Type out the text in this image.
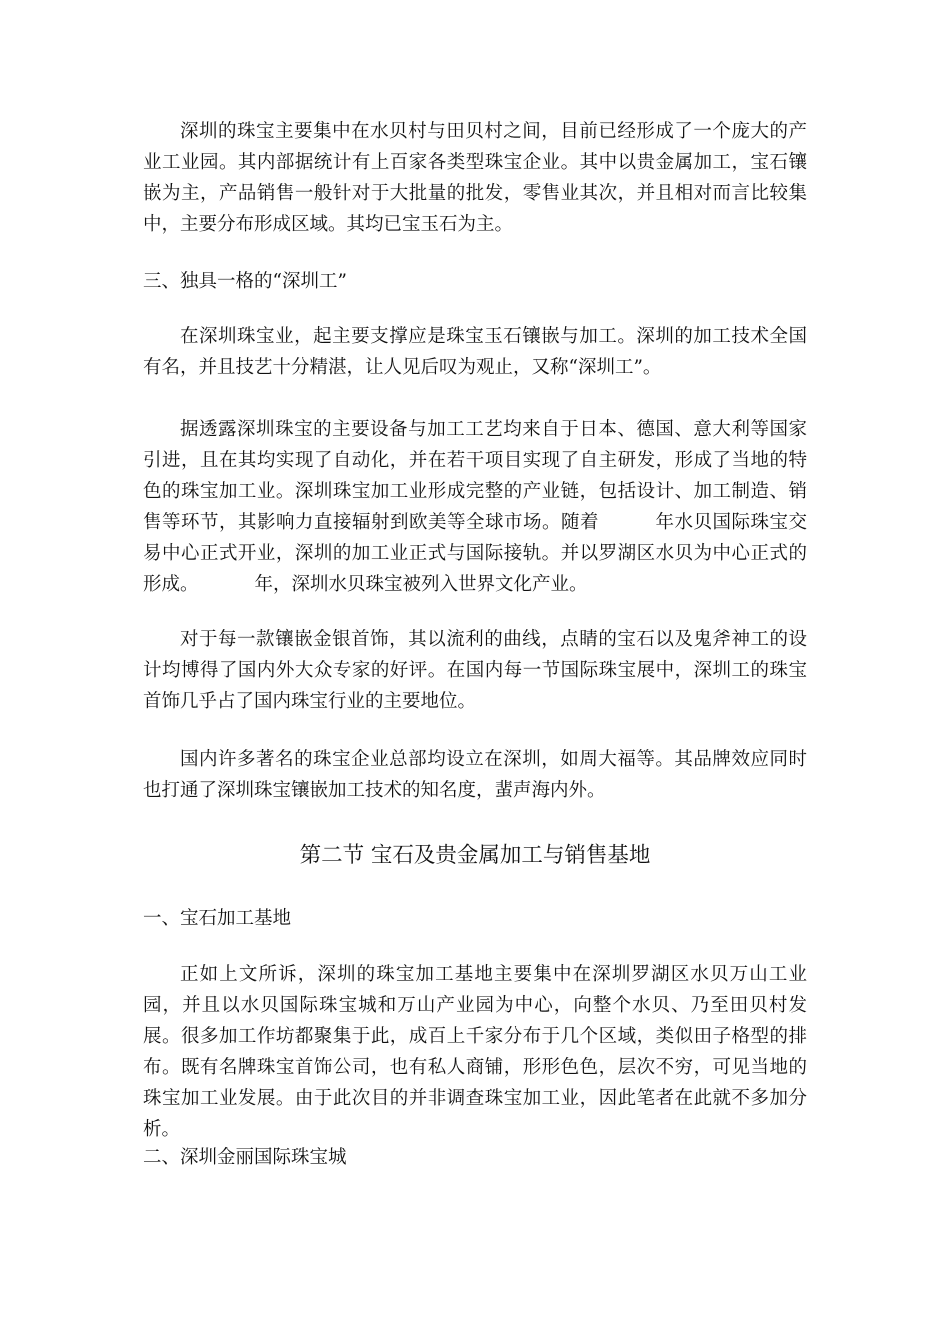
深圳的珠宝主要集中在水贝村与田贝村之间，目前已经形成了一个庞大的产业工业园。其内部据统计有上百家各类型珠宝企业。其中以贵金属加工，宝石镶嵌为主，产品销售一般针对于大批量的批发，零售业其次，并且相对而言比较集中，主要分布形成区域。其均已宝玉石为主。
三、独具一格的“深圳工”
在深圳珠宝业，起主要支撑应是珠宝玉石镶嵌与加工。深圳的加工技术全国有名，并且技艺十分精湛，让人见后叹为观止，又称“深圳工”。
据透露深圳珠宝的主要设备与加工工艺均来自于日本、德国、意大利等国家引进，且在其均实现了自动化，并在若干项目实现了自主研发，形成了当地的特色的珠宝加工业。深圳珠宝加工业形成完整的产业链，包括设计、加工制造、销售等环节，其影响力直接辐射到欧美等全球市场。随着	年水贝国际珠宝交易中心正式开业，深圳的加工业正式与国际接轨。并以罗湖区水贝为中心正式的形成。	年，深圳水贝珠宝被列入世界文化产业。
对于每一款镶嵌金银首饰，其以流利的曲线，点睛的宝石以及鬼斧神工的设计均博得了国内外大众专家的好评。在国内每一节国际珠宝展中，深圳工的珠宝首饰几乎占了国内珠宝行业的主要地位。
国内许多著名的珠宝企业总部均设立在深圳，如周大福等。其品牌效应同时也打通了深圳珠宝镶嵌加工技术的知名度，蜚声海内外。
第二节 宝石及贵金属加工与销售基地
一、宝石加工基地
正如上文所诉，深圳的珠宝加工基地主要集中在深圳罗湖区水贝万山工业园，并且以水贝国际珠宝城和万山产业园为中心，向整个水贝、乃至田贝村发展。很多加工作坊都聚集于此，成百上千家分布于几个区域，类似田子格型的排布。既有名牌珠宝首饰公司，也有私人商铺，形形色色，层次不穷，可见当地的珠宝加工业发展。由于此次目的并非调查珠宝加工业，因此笔者在此就不多加分析。
二、深圳金丽国际珠宝城
